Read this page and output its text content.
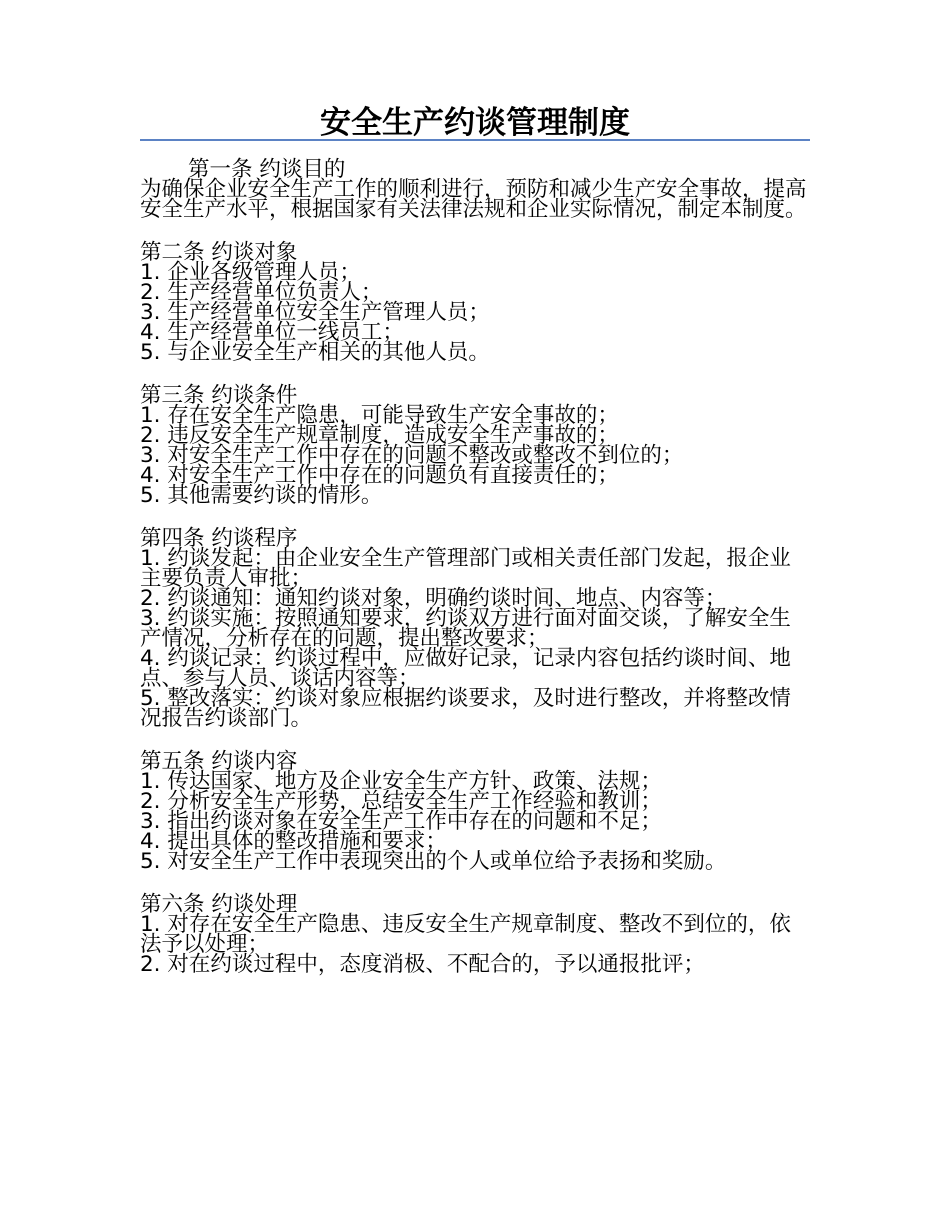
安全生产约谈管理制度
第一条 约谈目的
为确保企业安全生产工作的顺利进行，预防和减少生产安全事故，提高安全生产水平，根据国家有关法律法规和企业实际情况，制定本制度。
第二条 约谈对象
1. 企业各级管理人员；
2. 生产经营单位负责人；
3. 生产经营单位安全生产管理人员；
4. 生产经营单位一线员工；
5. 与企业安全生产相关的其他人员。
第三条 约谈条件
1. 存在安全生产隐患，可能导致生产安全事故的；
2. 违反安全生产规章制度，造成安全生产事故的；
3. 对安全生产工作中存在的问题不整改或整改不到位的；
4. 对安全生产工作中存在的问题负有直接责任的；
5. 其他需要约谈的情形。
第四条 约谈程序
1. 约谈发起：由企业安全生产管理部门或相关责任部门发起，报企业主要负责人审批；
2. 约谈通知：通知约谈对象，明确约谈时间、地点、内容等；
3. 约谈实施：按照通知要求，约谈双方进行面对面交谈，了解安全生产情况，分析存在的问题，提出整改要求；
4. 约谈记录：约谈过程中，应做好记录，记录内容包括约谈时间、地点、参与人员、谈话内容等；
5. 整改落实：约谈对象应根据约谈要求，及时进行整改，并将整改情况报告约谈部门。
第五条 约谈内容
1. 传达国家、地方及企业安全生产方针、政策、法规；
2. 分析安全生产形势，总结安全生产工作经验和教训；
3. 指出约谈对象在安全生产工作中存在的问题和不足；
4. 提出具体的整改措施和要求；
5. 对安全生产工作中表现突出的个人或单位给予表扬和奖励。
第六条 约谈处理
1. 对存在安全生产隐患、违反安全生产规章制度、整改不到位的，依法予以处理；
2. 对在约谈过程中，态度消极、不配合的，予以通报批评；
